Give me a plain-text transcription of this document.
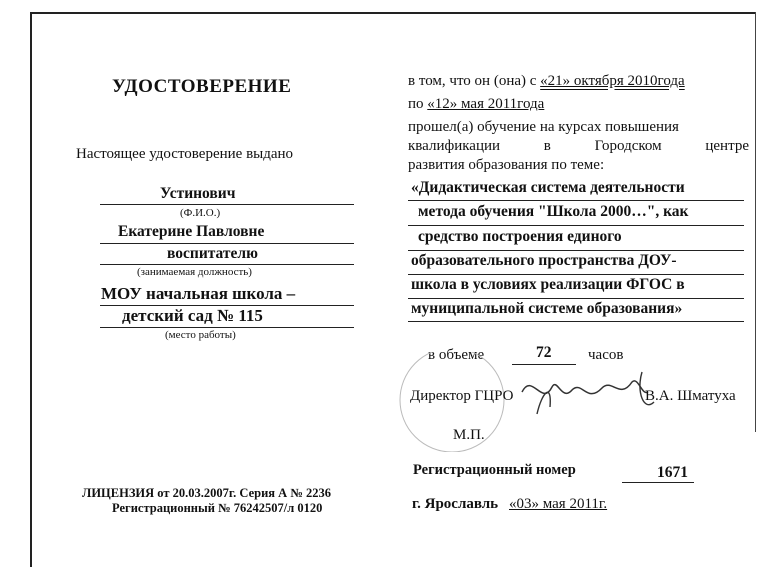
УДОСТОВЕРЕНИЕ
Настоящее удостоверение выдано
Устинович
(Ф.И.О.)
Екатерине Павловне
воспитателю
(занимаемая должность)
МОУ начальная школа –
детский сад № 115
(место работы)
ЛИЦЕНЗИЯ от 20.03.2007г. Серия А № 2236
Регистрационный № 76242507/л 0120
в том, что он (она) с «21» октября 2010года
по «12» мая 2011года
прошел(а) обучение на курсах повышения
квалификации	в	Городском	центре
развития образования по теме:
«Дидактическая система деятельности
метода обучения "Школа 2000…", как
средство построения единого
образовательного пространства ДОУ-
школа в условиях реализации ФГОС в
муниципальной системе образования»
в объеме	72 часов
Директор ГЦРО	В.А. Шматуха
М.П.
Регистрационный номер	1671
г. Ярославль «03» мая 2011г.
